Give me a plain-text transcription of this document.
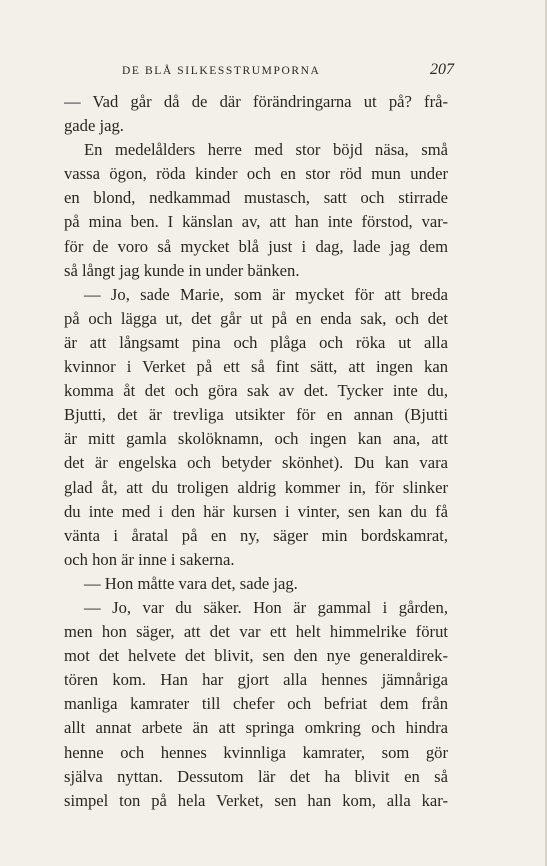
DE BLÅ SILKESSTRUMPORNA	207
— Vad går då de där förändringarna ut på? frå-
gade jag.
En medelålders herre med stor böjd näsa, små
vassa ögon, röda kinder och en stor röd mun under
en blond, nedkammad mustasch, satt och stirrade
på mina ben. I känslan av, att han inte förstod, var-
för de voro så mycket blå just i dag, lade jag dem
så långt jag kunde in under bänken.
— Jo, sade Marie, som är mycket för att breda
på och lägga ut, det går ut på en enda sak, och det
är att långsamt pina och plåga och röka ut alla
kvinnor i Verket på ett så fint sätt, att ingen kan
komma åt det och göra sak av det. Tycker inte du,
Bjutti, det är trevliga utsikter för en annan (Bjutti
är mitt gamla skolöknamn, och ingen kan ana, att
det är engelska och betyder skönhet). Du kan vara
glad åt, att du troligen aldrig kommer in, för slinker
du inte med i den här kursen i vinter, sen kan du få
vänta i åratal på en ny, säger min bordskamrat,
och hon är inne i sakerna.
— Hon måtte vara det, sade jag.
— Jo, var du säker. Hon är gammal i gården,
men hon säger, att det var ett helt himmelrike förut
mot det helvete det blivit, sen den nye generaldirek-
tören kom. Han har gjort alla hennes jämnåriga
manliga kamrater till chefer och befriat dem från
allt annat arbete än att springa omkring och hindra
henne och hennes kvinnliga kamrater, som gör
själva nyttan. Dessutom lär det ha blivit en så
simpel ton på hela Verket, sen han kom, alla kar-
